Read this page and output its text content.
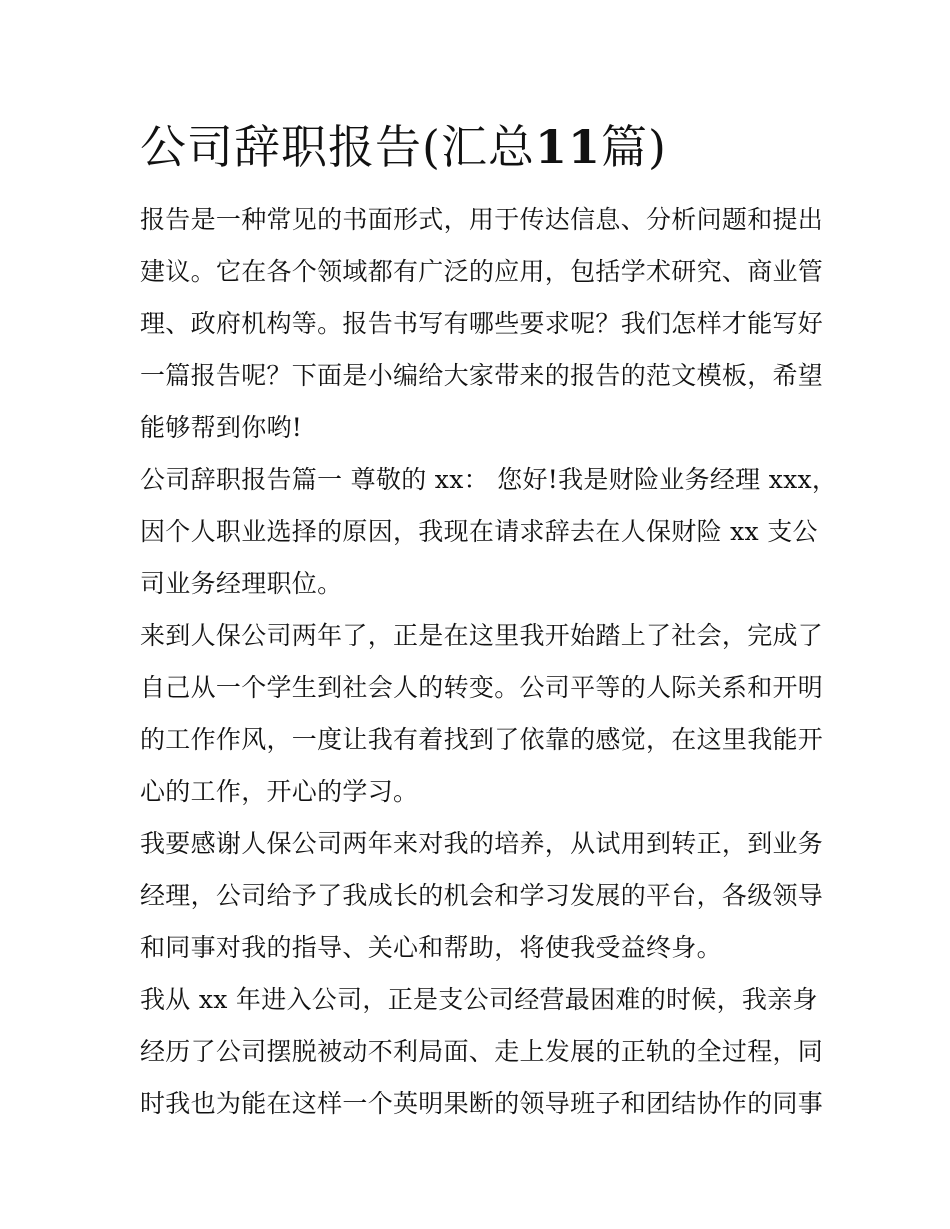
公司辞职报告(汇总11篇)

报告是一种常见的书面形式，用于传达信息、分析问题和提出
建议。它在各个领域都有广泛的应用，包括学术研究、商业管
理、政府机构等。报告书写有哪些要求呢？我们怎样才能写好
一篇报告呢？下面是小编给大家带来的报告的范文模板，希望
能够帮到你哟!

公司辞职报告篇一 尊敬的 xx： 您好!我是财险业务经理 xxx，
因个人职业选择的原因，我现在请求辞去在人保财险 xx 支公
司业务经理职位。

来到人保公司两年了，正是在这里我开始踏上了社会，完成了
自己从一个学生到社会人的转变。公司平等的人际关系和开明
的工作作风，一度让我有着找到了依靠的感觉，在这里我能开
心的工作，开心的学习。

我要感谢人保公司两年来对我的培养，从试用到转正，到业务
经理，公司给予了我成长的机会和学习发展的平台，各级领导
和同事对我的指导、关心和帮助，将使我受益终身。

我从 xx 年进入公司，正是支公司经营最困难的时候，我亲身
经历了公司摆脱被动不利局面、走上发展的正轨的全过程，同
时我也为能在这样一个英明果断的领导班子和团结协作的同事
